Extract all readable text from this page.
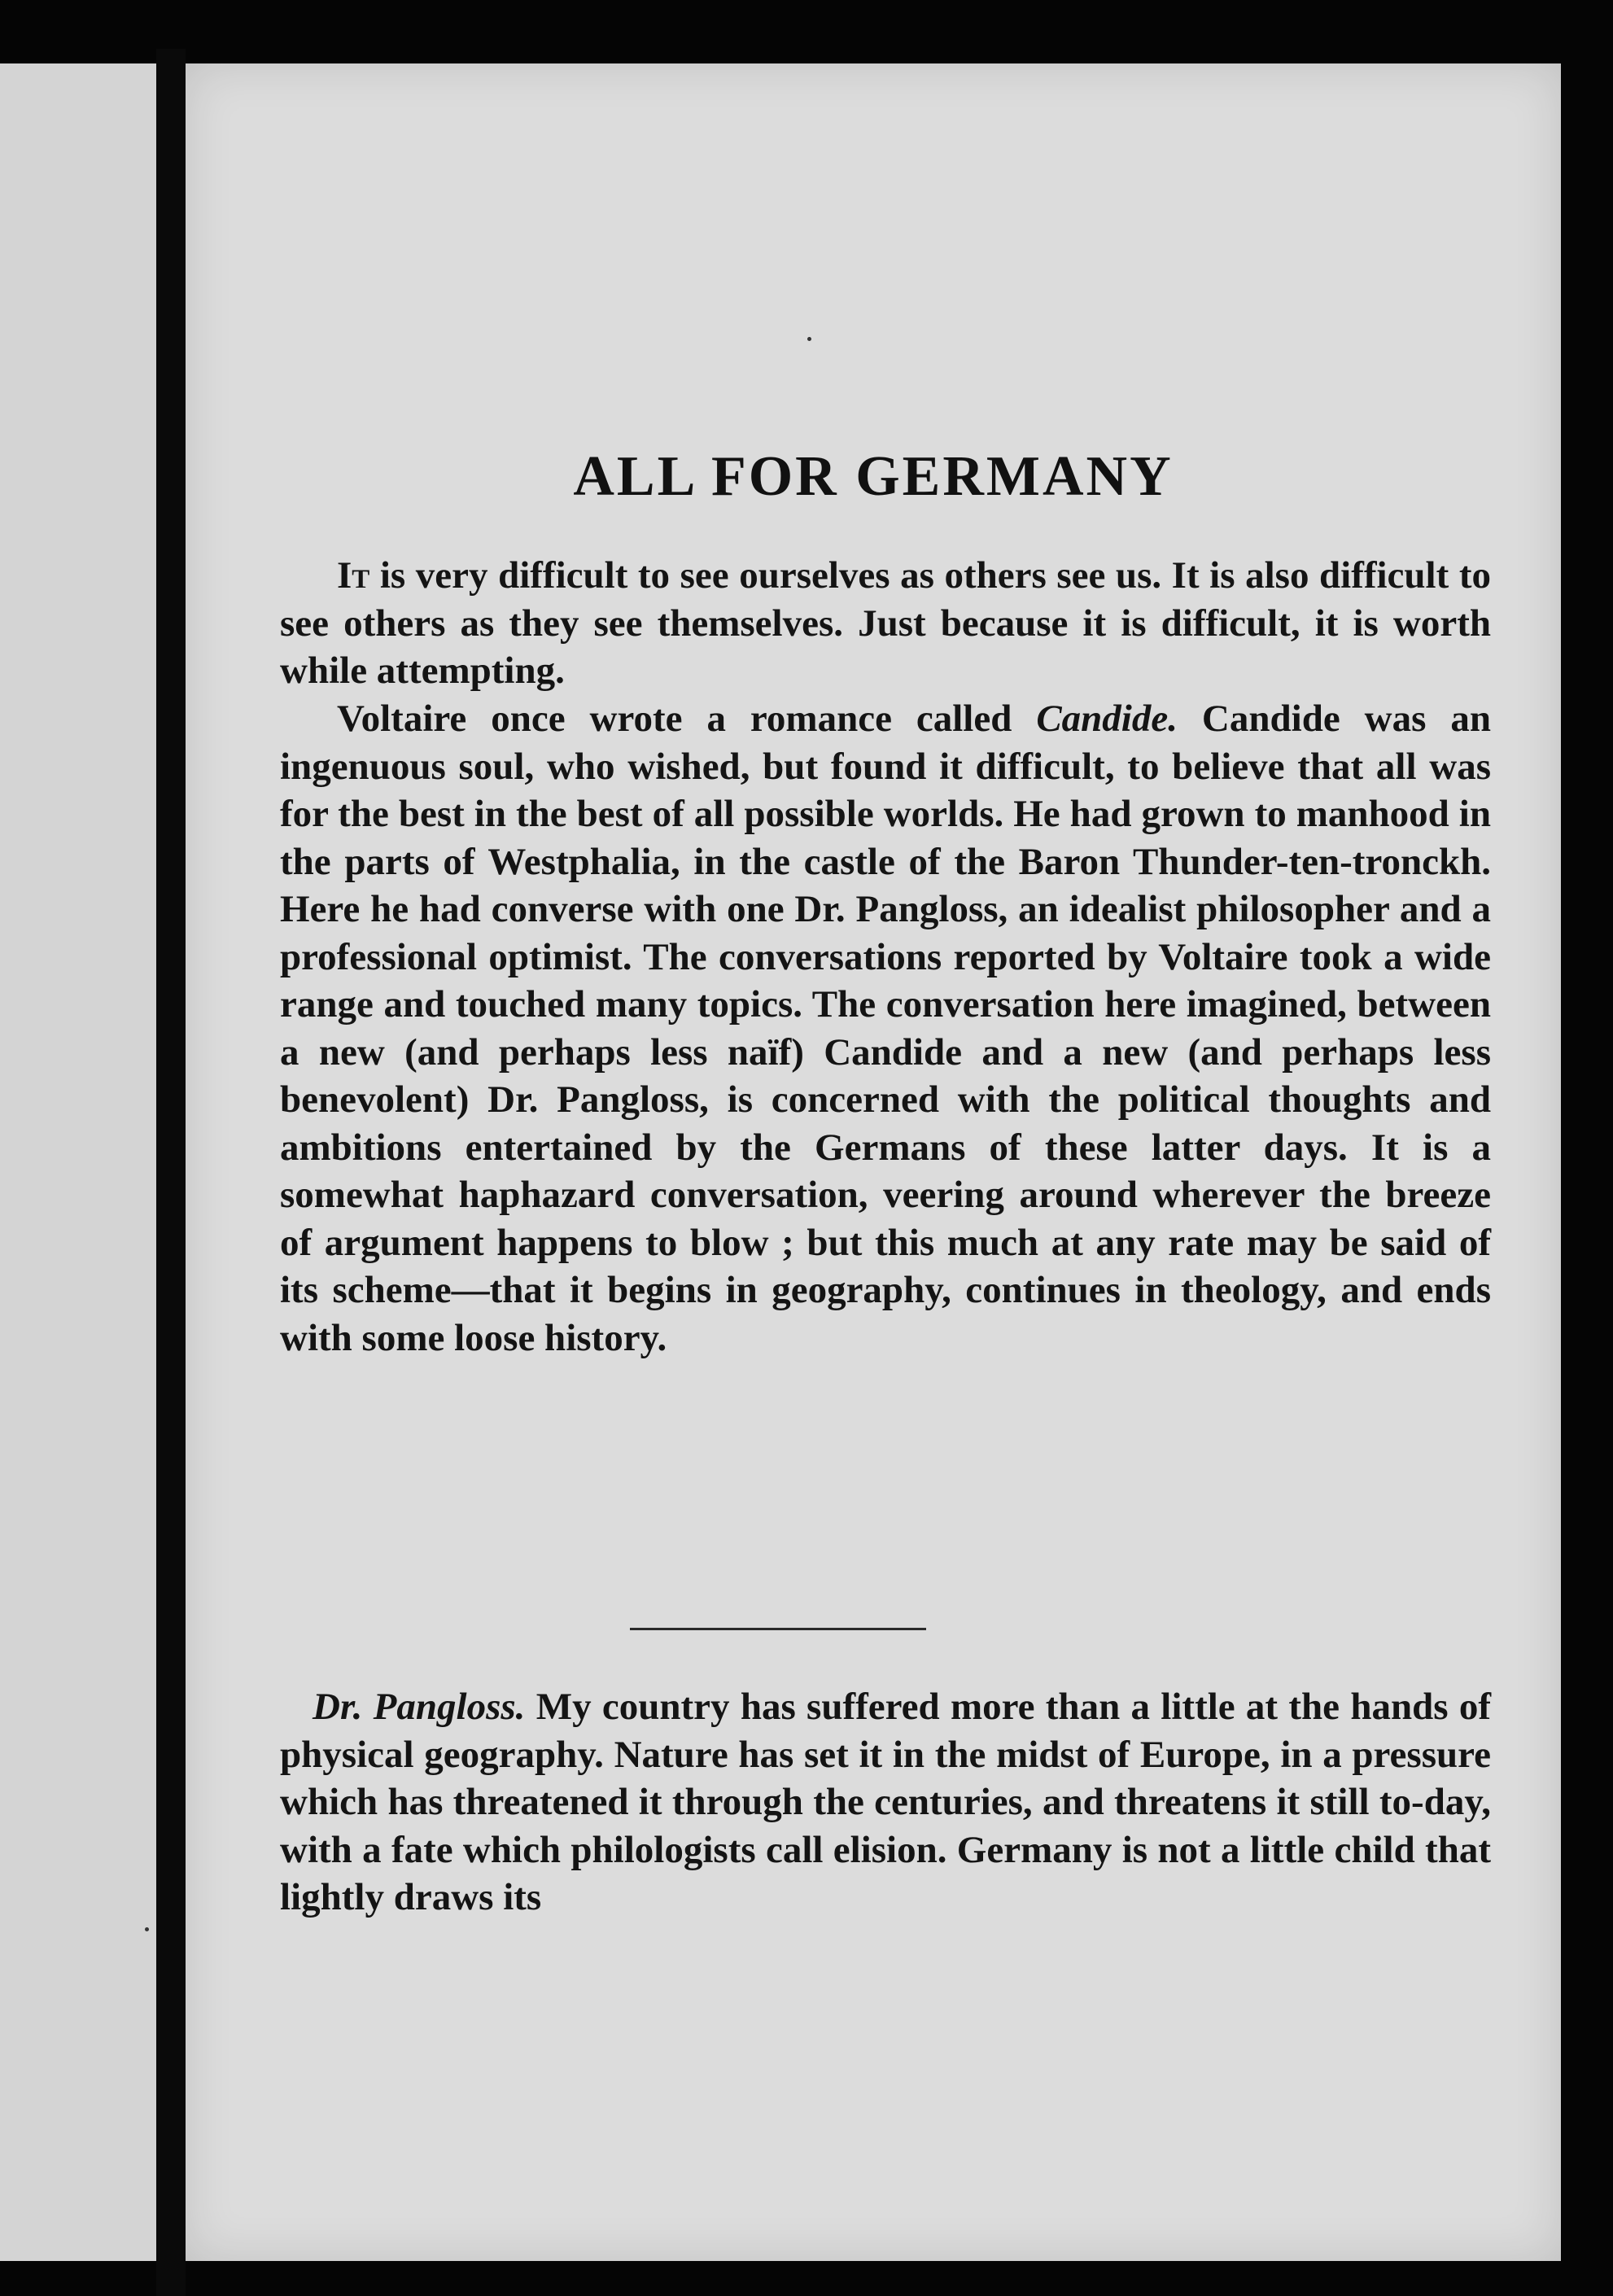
ALL FOR GERMANY

It is very difficult to see ourselves as others see us. It is also difficult to see others as they see themselves. Just because it is difficult, it is worth while attempting.

Voltaire once wrote a romance called Candide. Candide was an ingenuous soul, who wished, but found it difficult, to believe that all was for the best in the best of all possible worlds. He had grown to manhood in the parts of Westphalia, in the castle of the Baron Thunder-ten-tronckh. Here he had converse with one Dr. Pangloss, an idealist philosopher and a professional optimist. The conversations reported by Voltaire took a wide range and touched many topics. The conversation here imagined, between a new (and perhaps less naïf) Candide and a new (and perhaps less benevolent) Dr. Pangloss, is concerned with the political thoughts and ambitions entertained by the Germans of these latter days. It is a somewhat haphazard conversation, veering around wherever the breeze of argument happens to blow ; but this much at any rate may be said of its scheme—that it begins in geography, continues in theology, and ends with some loose history.

Dr. Pangloss. My country has suffered more than a little at the hands of physical geography. Nature has set it in the midst of Europe, in a pressure which has threatened it through the centuries, and threatens it still to-day, with a fate which philologists call elision. Germany is not a little child that lightly draws its
